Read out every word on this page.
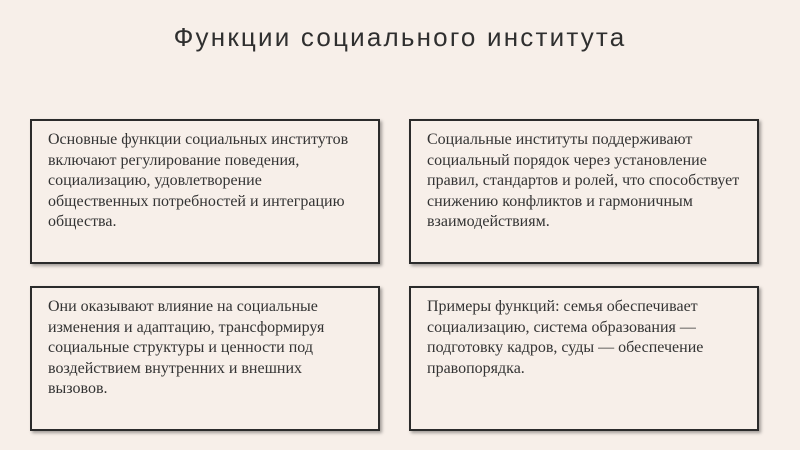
Функции социального института

Основные функции социальных институтов включают регулирование поведения, социализацию, удовлетворение общественных потребностей и интеграцию общества.

Социальные институты поддерживают социальный порядок через установление правил, стандартов и ролей, что способствует снижению конфликтов и гармоничным взаимодействиям.

Они оказывают влияние на социальные изменения и адаптацию, трансформируя социальные структуры и ценности под воздействием внутренних и внешних вызовов.

Примеры функций: семья обеспечивает социализацию, система образования — подготовку кадров, суды — обеспечение правопорядка.
